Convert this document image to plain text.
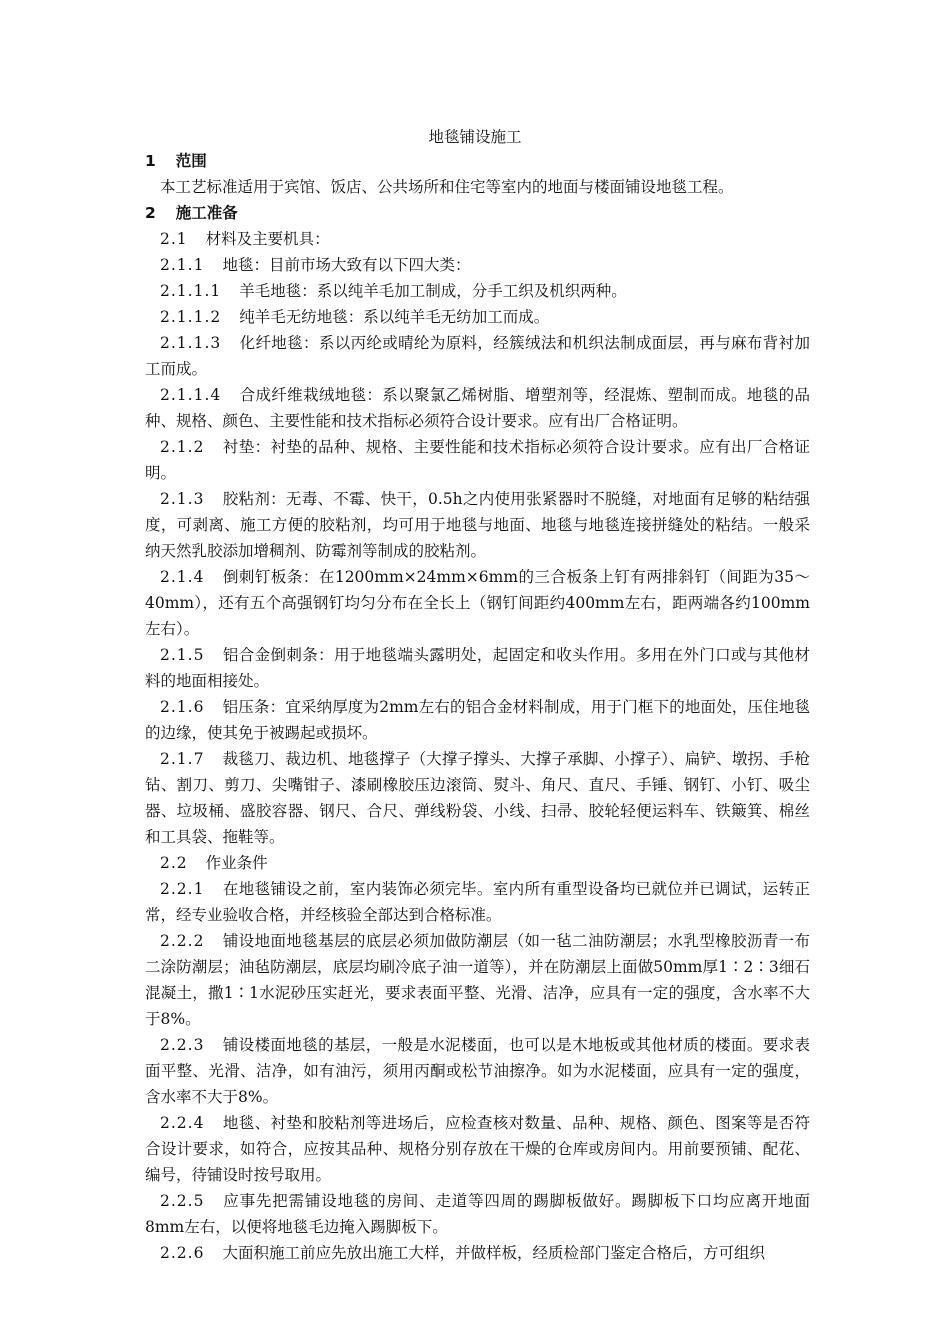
地毯铺设施工

1 范围

本工艺标准适用于宾馆、饭店、公共场所和住宅等室内的地面与楼面铺设地毯工程。

2 施工准备

2.1 材料及主要机具：

2.1.1 地毯：目前市场大致有以下四大类：

2.1.1.1 羊毛地毯：系以纯羊毛加工制成，分手工织及机织两种。

2.1.1.2 纯羊毛无纺地毯：系以纯羊毛无纺加工而成。

2.1.1.3 化纤地毯：系以丙纶或晴纶为原料，经簇绒法和机织法制成面层，再与麻布背衬加工而成。

2.1.1.4 合成纤维栽绒地毯：系以聚氯乙烯树脂、增塑剂等，经混炼、塑制而成。地毯的品种、规格、颜色、主要性能和技术指标必须符合设计要求。应有出厂合格证明。

2.1.2 衬垫：衬垫的品种、规格、主要性能和技术指标必须符合设计要求。应有出厂合格证明。

2.1.3 胶粘剂：无毒、不霉、快干，0.5h之内使用张紧器时不脱缝，对地面有足够的粘结强度，可剥离、施工方便的胶粘剂，均可用于地毯与地面、地毯与地毯连接拼缝处的粘结。一般采纳天然乳胶添加增稠剂、防霉剂等制成的胶粘剂。

2.1.4 倒刺钉板条：在1200mm×24mm×6mm的三合板条上钉有两排斜钉（间距为35～40mm），还有五个高强钢钉均匀分布在全长上（钢钉间距约400mm左右，距两端各约100mm左右）。

2.1.5 铝合金倒刺条：用于地毯端头露明处，起固定和收头作用。多用在外门口或与其他材料的地面相接处。

2.1.6 铝压条：宜采纳厚度为2mm左右的铝合金材料制成，用于门框下的地面处，压住地毯的边缘，使其免于被踢起或损坏。

2.1.7 裁毯刀、裁边机、地毯撑子（大撑子撑头、大撑子承脚、小撑子）、扁铲、墩拐、手枪钻、割刀、剪刀、尖嘴钳子、漆刷橡胶压边滚筒、熨斗、角尺、直尺、手锤、钢钉、小钉、吸尘器、垃圾桶、盛胶容器、钢尺、合尺、弹线粉袋、小线、扫帚、胶轮轻便运料车、铁簸箕、棉丝和工具袋、拖鞋等。

2.2 作业条件

2.2.1 在地毯铺设之前，室内装饰必须完毕。室内所有重型设备均已就位并已调试，运转正常，经专业验收合格，并经核验全部达到合格标准。

2.2.2 铺设地面地毯基层的底层必须加做防潮层（如一毡二油防潮层；水乳型橡胶沥青一布二涂防潮层；油毡防潮层，底层均刷冷底子油一道等），并在防潮层上面做50mm厚1∶2∶3细石混凝土，撒1∶1水泥砂压实赶光，要求表面平整、光滑、洁净，应具有一定的强度，含水率不大于8%。

2.2.3 铺设楼面地毯的基层，一般是水泥楼面，也可以是木地板或其他材质的楼面。要求表面平整、光滑、洁净，如有油污，须用丙酮或松节油擦净。如为水泥楼面，应具有一定的强度，含水率不大于8%。

2.2.4 地毯、衬垫和胶粘剂等进场后，应检查核对数量、品种、规格、颜色、图案等是否符合设计要求，如符合，应按其品种、规格分别存放在干燥的仓库或房间内。用前要预铺、配花、编号，待铺设时按号取用。

2.2.5 应事先把需铺设地毯的房间、走道等四周的踢脚板做好。踢脚板下口均应离开地面8mm左右，以便将地毯毛边掩入踢脚板下。

2.2.6 大面积施工前应先放出施工大样，并做样板，经质检部门鉴定合格后，方可组织
